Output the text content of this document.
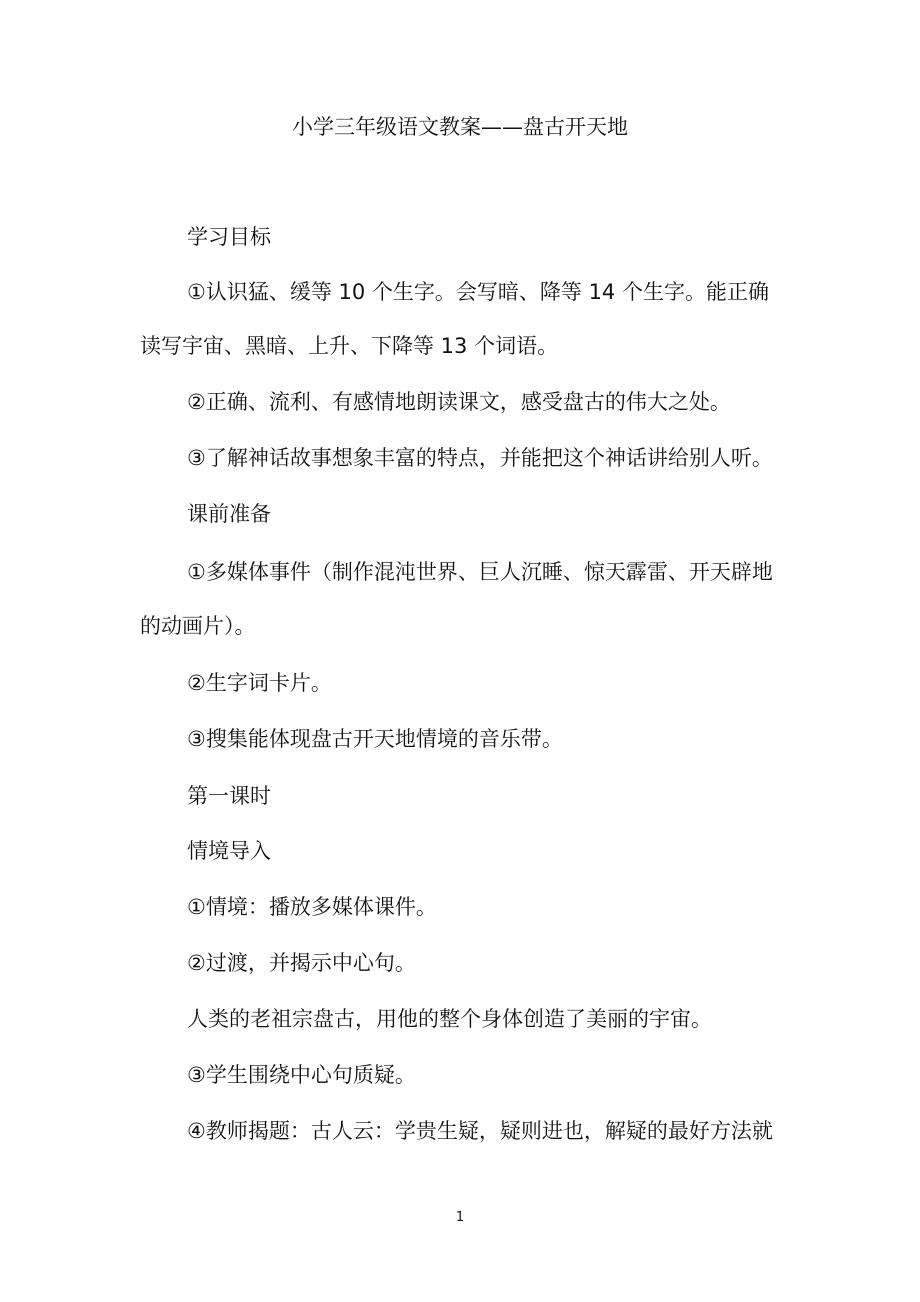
小学三年级语文教案——盘古开天地
学习目标
①认识猛、缓等 10 个生字。会写暗、降等 14 个生字。能正确
读写宇宙、黑暗、上升、下降等 13 个词语。
②正确、流利、有感情地朗读课文，感受盘古的伟大之处。
③了解神话故事想象丰富的特点，并能把这个神话讲给别人听。
课前准备
①多媒体事件（制作混沌世界、巨人沉睡、惊天霹雷、开天辟地
的动画片）。
②生字词卡片。
③搜集能体现盘古开天地情境的音乐带。
第一课时
情境导入
①情境：播放多媒体课件。
②过渡，并揭示中心句。
人类的老祖宗盘古，用他的整个身体创造了美丽的宇宙。
③学生围绕中心句质疑。
④教师揭题：古人云：学贵生疑，疑则进也，解疑的最好方法就
1
